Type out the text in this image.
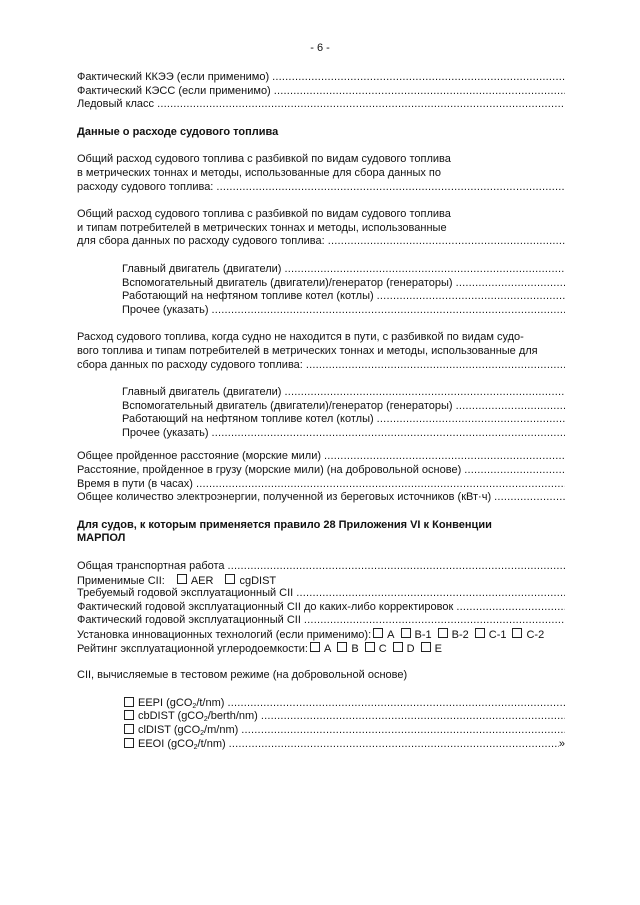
- 6 -
Фактический ККЭЭ (если применимо)
.....
Фактический КЭСС (если применимо)
.....
Ледовый класс
.....
Данные о расходе судового топлива
Общий расход судового топлива с разбивкой по видам судового топлива
в метрических тоннах и методы, использованные для сбора данных по
расходу судового топлива:
.....
Общий расход судового топлива с разбивкой по видам судового топлива
и типам потребителей в метрических тоннах и методы, использованные
для сбора данных по расходу судового топлива:
.....
Главный двигатель (двигатели)
.....
Вспомогательный двигатель (двигатели)/генератор (генераторы)
.....
Работающий на нефтяном топливе котел (котлы)
.....
Прочее (указать)
.....
Расход судового топлива, когда судно не находится в пути, с разбивкой по видам судо-
вого топлива и типам потребителей в метрических тоннах и методы, использованные для
сбора данных по расходу судового топлива:
.....
Главный двигатель (двигатели)
.....
Вспомогательный двигатель (двигатели)/генератор (генераторы)
.....
Работающий на нефтяном топливе котел (котлы)
.....
Прочее (указать)
.....
Общее пройденное расстояние (морские мили)
.....
Расстояние, пройденное в грузу (морские мили) (на добровольной основе)
.....
Время в пути (в часах)
.....
Общее количество электроэнергии, полученной из береговых источников (кВт·ч)
.....
Для судов, к которым применяется правило 28 Приложения VI к Конвенции
МАРПОЛ
Общая транспортная работа
.....
Применимые CII: AER cgDIST
Требуемый годовой эксплуатационный CII
.....
Фактический годовой эксплуатационный CII до каких-либо корректировок
.....
Фактический годовой эксплуатационный CII
.....
Установка инновационных технологий (если применимо): A B-1 B-2 C-1 C-2
Рейтинг эксплуатационной углеродоемкости: A B C D E
CII, вычисляемые в тестовом режиме (на добровольной основе)
EEPI (gCO$_2$/t/nm)
.....
cbDIST (gCO$_2$/berth/nm)
.....
clDIST (gCO$_2$/m/nm)
.....
EEOI (gCO$_2$/t/nm)
.....	»
